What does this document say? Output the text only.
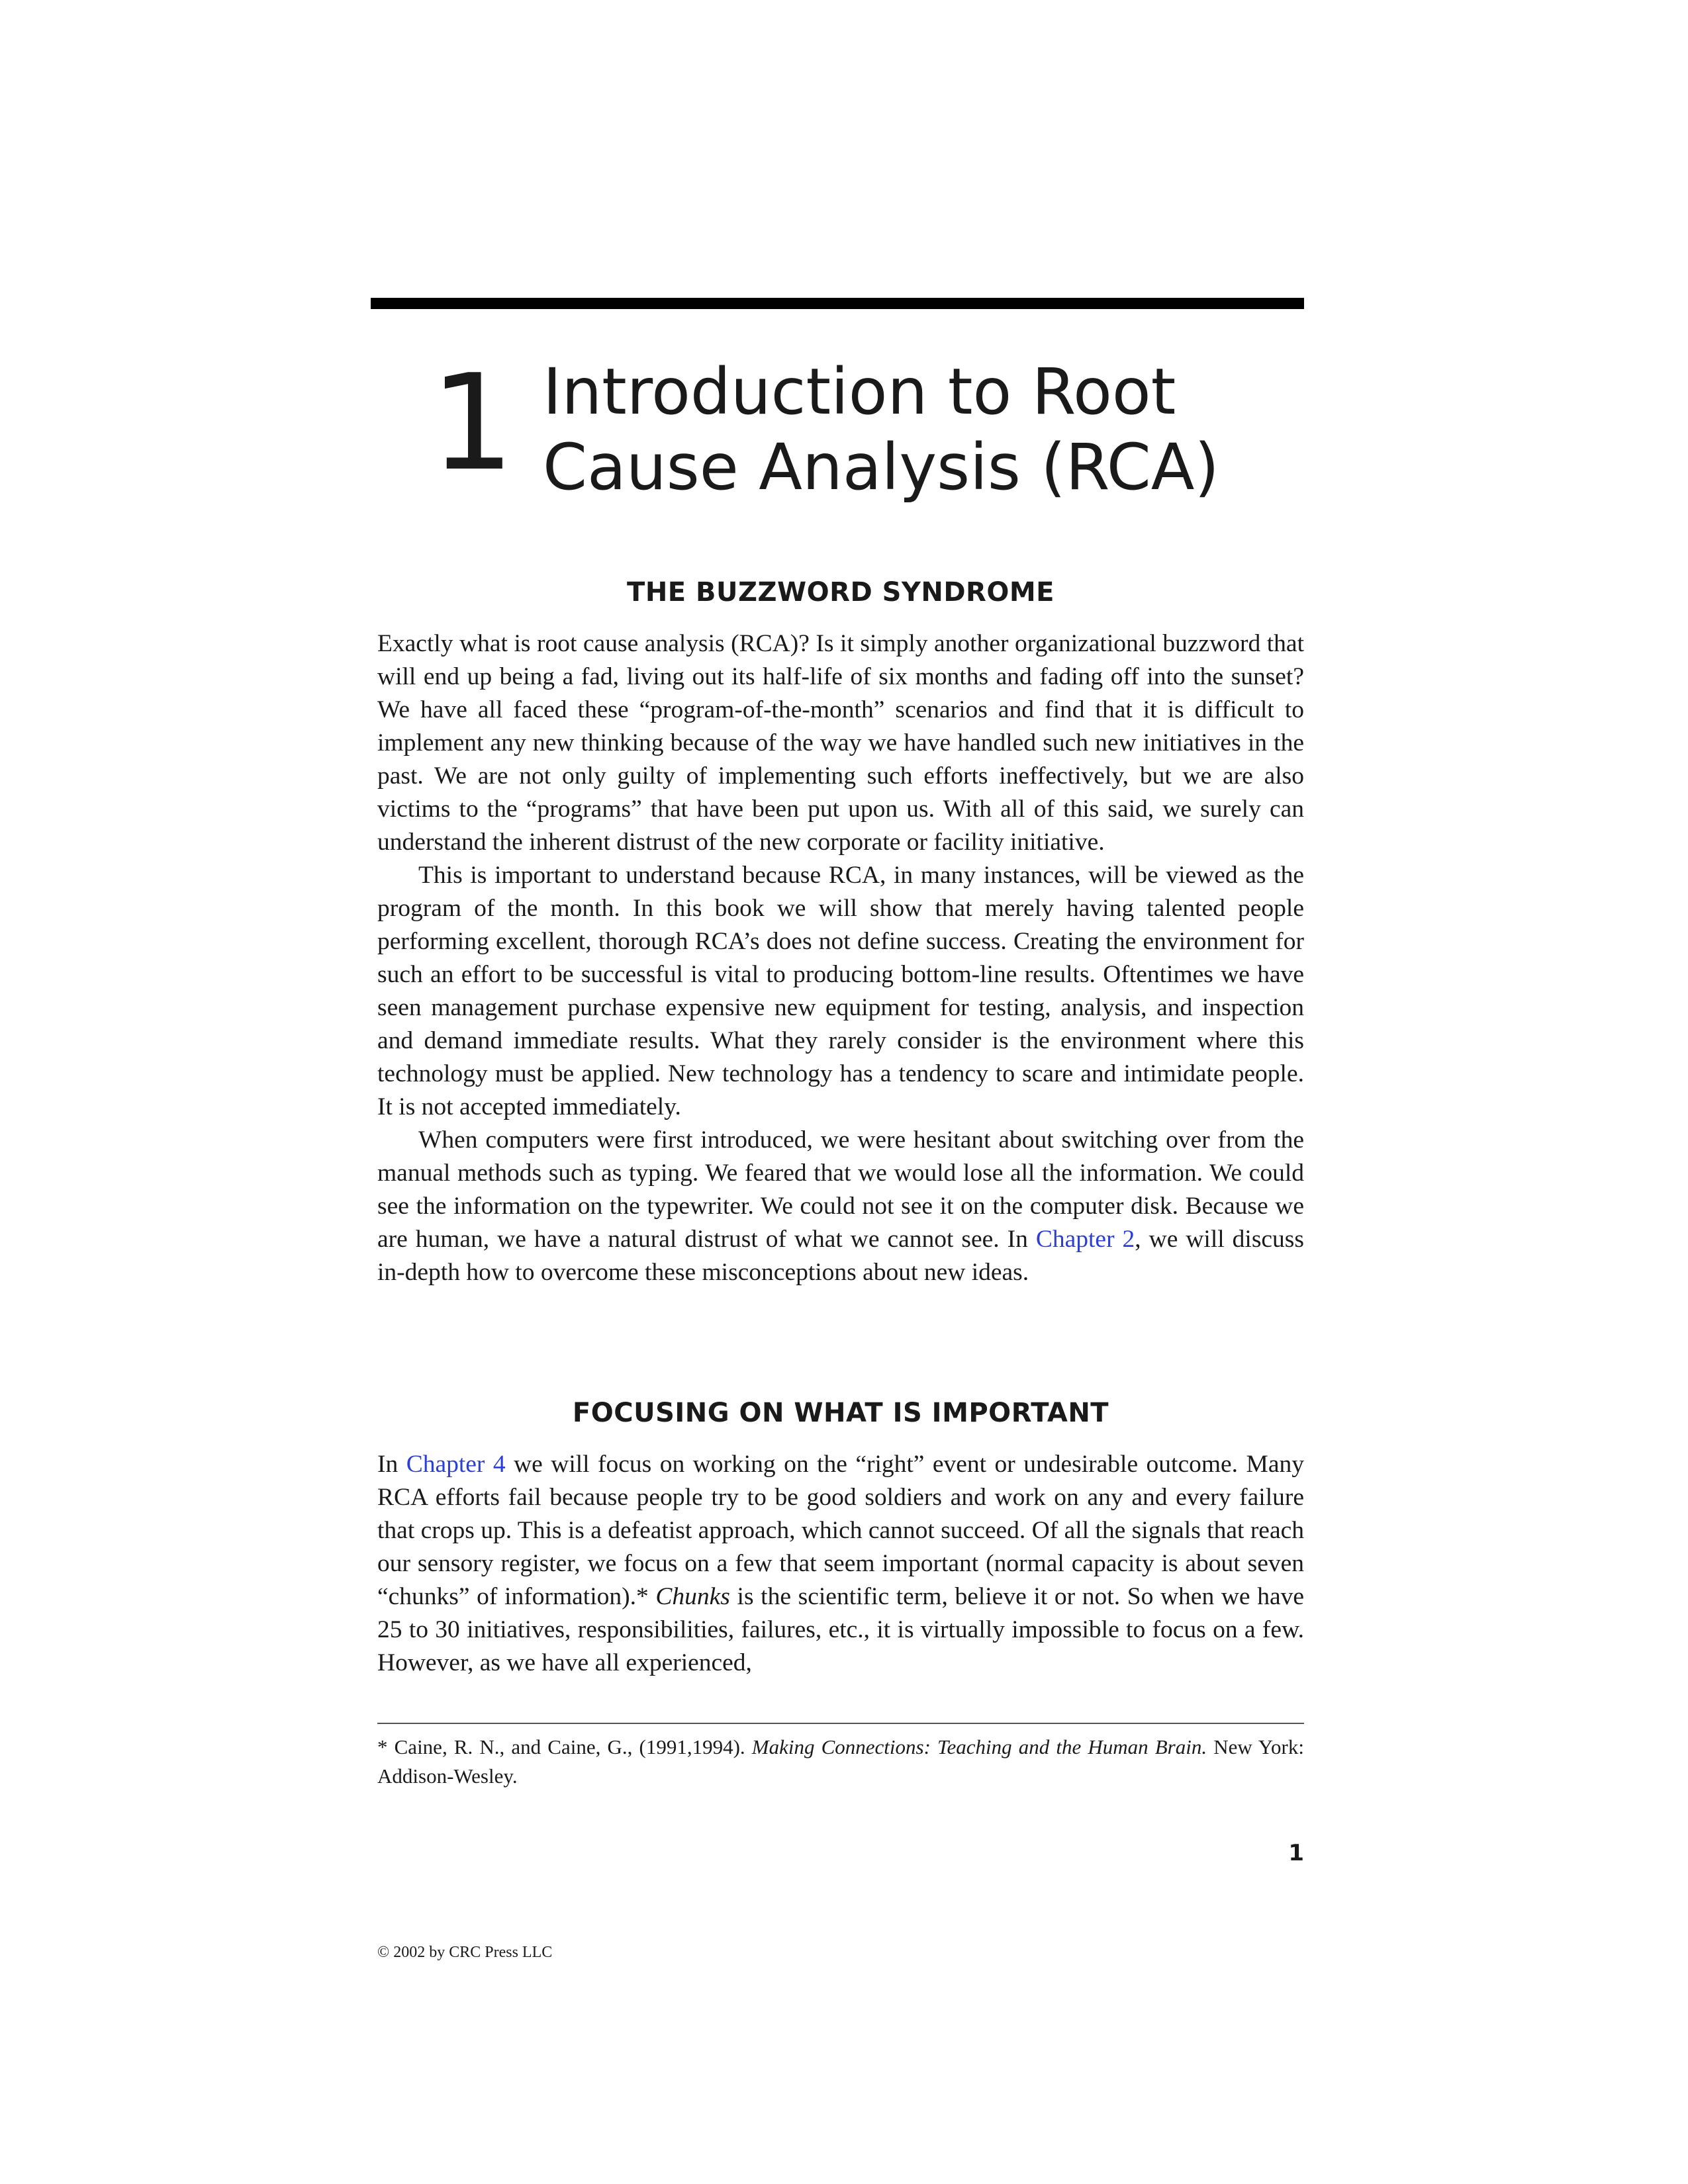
1 Introduction to Root
Cause Analysis (RCA)
THE BUZZWORD SYNDROME

Exactly what is root cause analysis (RCA)? Is it simply another organizational buzzword that will end up being a fad, living out its half-life of six months and fading off into the sunset? We have all faced these “program-of-the-month” scenarios and find that it is difficult to implement any new thinking because of the way we have handled such new initiatives in the past. We are not only guilty of implementing such efforts ineffectively, but we are also victims to the “programs” that have been put upon us. With all of this said, we surely can understand the inherent distrust of the new corporate or facility initiative.

This is important to understand because RCA, in many instances, will be viewed as the program of the month. In this book we will show that merely having talented people performing excellent, thorough RCA’s does not define success. Creating the environment for such an effort to be successful is vital to producing bottom-line results. Oftentimes we have seen management purchase expensive new equipment for testing, analysis, and inspection and demand immediate results. What they rarely consider is the environment where this technology must be applied. New technology has a tendency to scare and intimidate people. It is not accepted immediately.

When computers were first introduced, we were hesitant about switching over from the manual methods such as typing. We feared that we would lose all the information. We could see the information on the typewriter. We could not see it on the computer disk. Because we are human, we have a natural distrust of what we cannot see. In Chapter 2, we will discuss in-depth how to overcome these misconceptions about new ideas.

FOCUSING ON WHAT IS IMPORTANT

In Chapter 4 we will focus on working on the “right” event or undesirable outcome. Many RCA efforts fail because people try to be good soldiers and work on any and every failure that crops up. This is a defeatist approach, which cannot succeed. Of all the signals that reach our sensory register, we focus on a few that seem important (normal capacity is about seven “chunks” of information).* Chunks is the scientific term, believe it or not. So when we have 25 to 30 initiatives, responsibilities, failures, etc., it is virtually impossible to focus on a few. However, as we have all experienced,

* Caine, R. N., and Caine, G., (1991,1994). Making Connections: Teaching and the Human Brain. New York: Addison-Wesley.

1
© 2002 by CRC Press LLC
